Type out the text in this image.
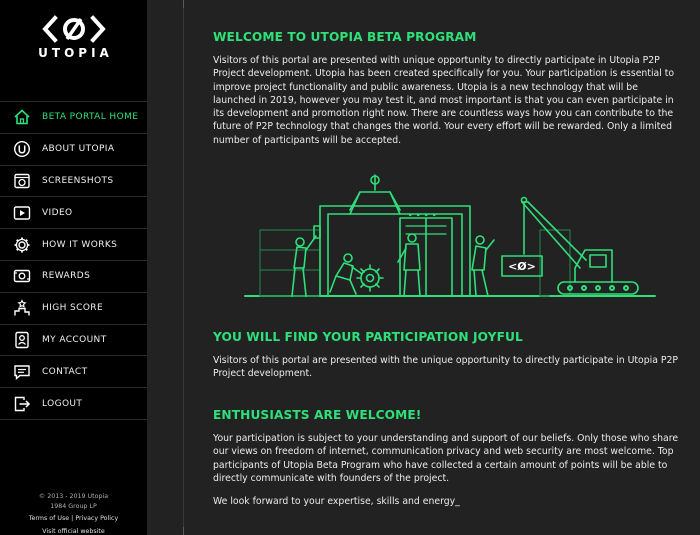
UTOPIA
BETA PORTAL HOME
ABOUT UTOPIA
SCREENSHOTS
VIDEO
HOW IT WORKS
REWARDS
HIGH SCORE
MY ACCOUNT
CONTACT
LOGOUT
© 2013 - 2019 Utopia
1984 Group LP
Terms of Use | Privacy Policy
Visit official website
WELCOME TO UTOPIA BETA PROGRAM
Visitors of this portal are presented with unique opportunity to directly participate in Utopia P2P Project development. Utopia has been created specifically for you. Your participation is essential to improve project functionality and public awareness. Utopia is a new technology that will be launched in 2019, however you may test it, and most important is that you can even participate in its development and promotion right now. There are countless ways how you can contribute to the future of P2P technology that changes the world. Your every effort will be rewarded. Only a limited number of participants will be accepted.
<Ø>
YOU WILL FIND YOUR PARTICIPATION JOYFUL
Visitors of this portal are presented with the unique opportunity to directly participate in Utopia P2P Project development.
ENTHUSIASTS ARE WELCOME!
Your participation is subject to your understanding and support of our beliefs. Only those who share our views on freedom of internet, communication privacy and web security are most welcome. Top participants of Utopia Beta Program who have collected a certain amount of points will be able to directly communicate with founders of the project.
We look forward to your expertise, skills and energy_
